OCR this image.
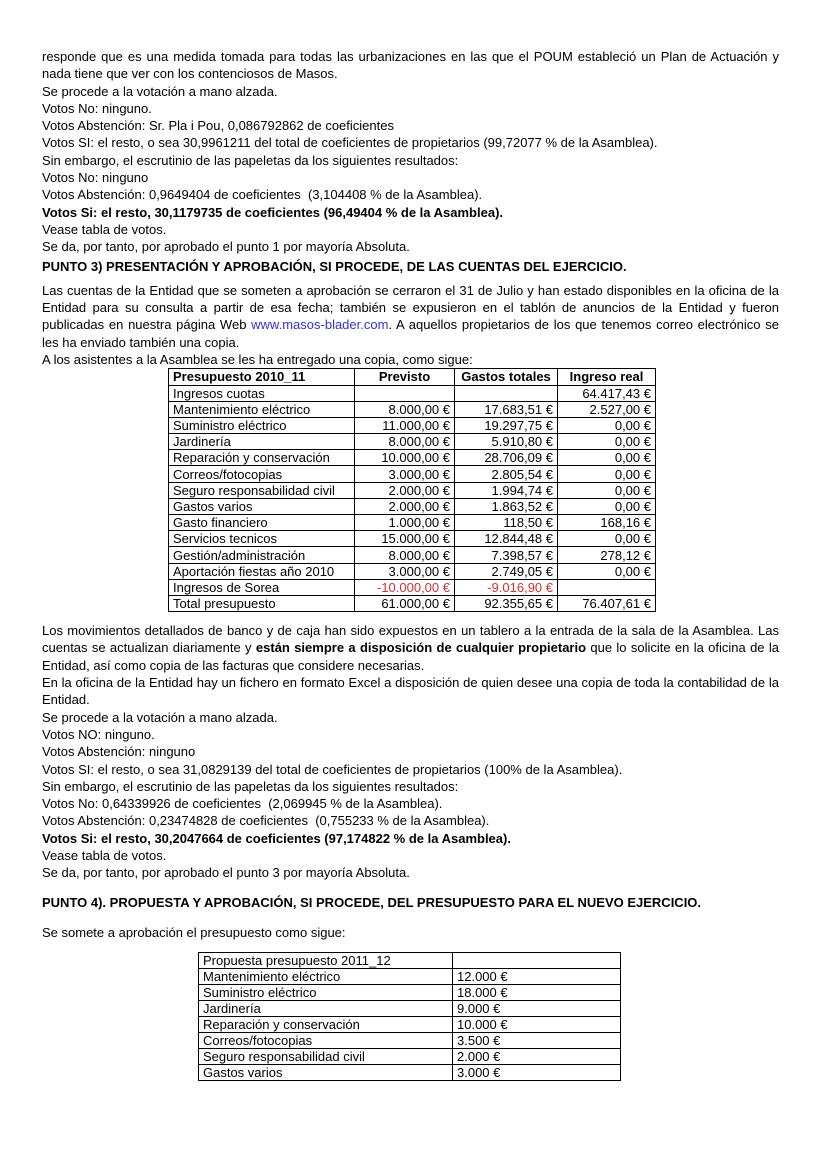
responde que es una medida tomada para todas las urbanizaciones en las que el POUM estableció un Plan de Actuación y nada tiene que ver con los contenciosos de Masos.
Se procede a la votación a mano alzada.
Votos No: ninguno.
Votos Abstención: Sr. Pla i Pou, 0,086792862 de coeficientes
Votos SI: el resto, o sea 30,9961211 del total de coeficientes de propietarios (99,72077 % de la Asamblea).
Sin embargo, el escrutinio de las papeletas da los siguientes resultados:
Votos No: ninguno
Votos Abstención: 0,9649404 de coeficientes  (3,104408 % de la Asamblea).
Votos Si: el resto, 30,1179735 de coeficientes (96,49404 % de la Asamblea).
Vease tabla de votos.
Se da, por tanto, por aprobado el punto 1 por mayoría Absoluta.
PUNTO 3) PRESENTACIÓN Y APROBACIÓN, SI PROCEDE, DE LAS CUENTAS DEL EJERCICIO.
Las cuentas de la Entidad que se someten a aprobación se cerraron el 31 de Julio y han estado disponibles en la oficina de la Entidad para su consulta a partir de esa fecha; también se expusieron en el tablón de anuncios de la Entidad y fueron publicadas en nuestra página Web www.masos-blader.com. A aquellos propietarios de los que tenemos correo electrónico se les ha enviado también una copia.
A los asistentes a la Asamblea se les ha entregado una copia, como sigue:
Presupuesto 2010_11	Previsto	Gastos totales	Ingreso real
Ingresos cuotas			64.417,43 €
Mantenimiento eléctrico	8.000,00 €	17.683,51 €	2.527,00 €
Suministro eléctrico	11.000,00 €	19.297,75 €	0,00 €
Jardinería	8.000,00 €	5.910,80 €	0,00 €
Reparación y conservación	10.000,00 €	28.706,09 €	0,00 €
Correos/fotocopias	3.000,00 €	2.805,54 €	0,00 €
Seguro responsabilidad civil	2.000,00 €	1.994,74 €	0,00 €
Gastos varios	2.000,00 €	1.863,52 €	0,00 €
Gasto financiero	1.000,00 €	118,50 €	168,16 €
Servicios tecnicos	15.000,00 €	12.844,48 €	0,00 €
Gestión/administración	8.000,00 €	7.398,57 €	278,12 €
Aportación fiestas año 2010	3.000,00 €	2.749,05 €	0,00 €
Ingresos de Sorea	-10.000,00 €	-9.016,90 €	
Total presupuesto	61.000,00 €	92.355,65 €	76.407,61 €
Los movimientos detallados de banco y de caja han sido expuestos en un tablero a la entrada de la sala de la Asamblea. Las cuentas se actualizan diariamente y están siempre a disposición de cualquier propietario que lo solicite en la oficina de la Entidad, así como copia de las facturas que considere necesarias.
En la oficina de la Entidad hay un fichero en formato Excel a disposición de quien desee una copia de toda la contabilidad de la Entidad.
Se procede a la votación a mano alzada.
Votos NO: ninguno.
Votos Abstención: ninguno
Votos SI: el resto, o sea 31,0829139 del total de coeficientes de propietarios (100% de la Asamblea).
Sin embargo, el escrutinio de las papeletas da los siguientes resultados:
Votos No: 0,64339926 de coeficientes  (2,069945 % de la Asamblea).
Votos Abstención: 0,23474828 de coeficientes  (0,755233 % de la Asamblea).
Votos Si: el resto, 30,2047664 de coeficientes (97,174822 % de la Asamblea).
Vease tabla de votos.
Se da, por tanto, por aprobado el punto 3 por mayoría Absoluta.
PUNTO 4). PROPUESTA Y APROBACIÓN, SI PROCEDE, DEL PRESUPUESTO PARA EL NUEVO EJERCICIO.
Se somete a aprobación el presupuesto como sigue:
Propuesta presupuesto 2011_12	
Mantenimiento eléctrico	12.000 €
Suministro eléctrico	18.000 €
Jardinería	9.000 €
Reparación y conservación	10.000 €
Correos/fotocopias	3.500 €
Seguro responsabilidad civil	2.000 €
Gastos varios	3.000 €
